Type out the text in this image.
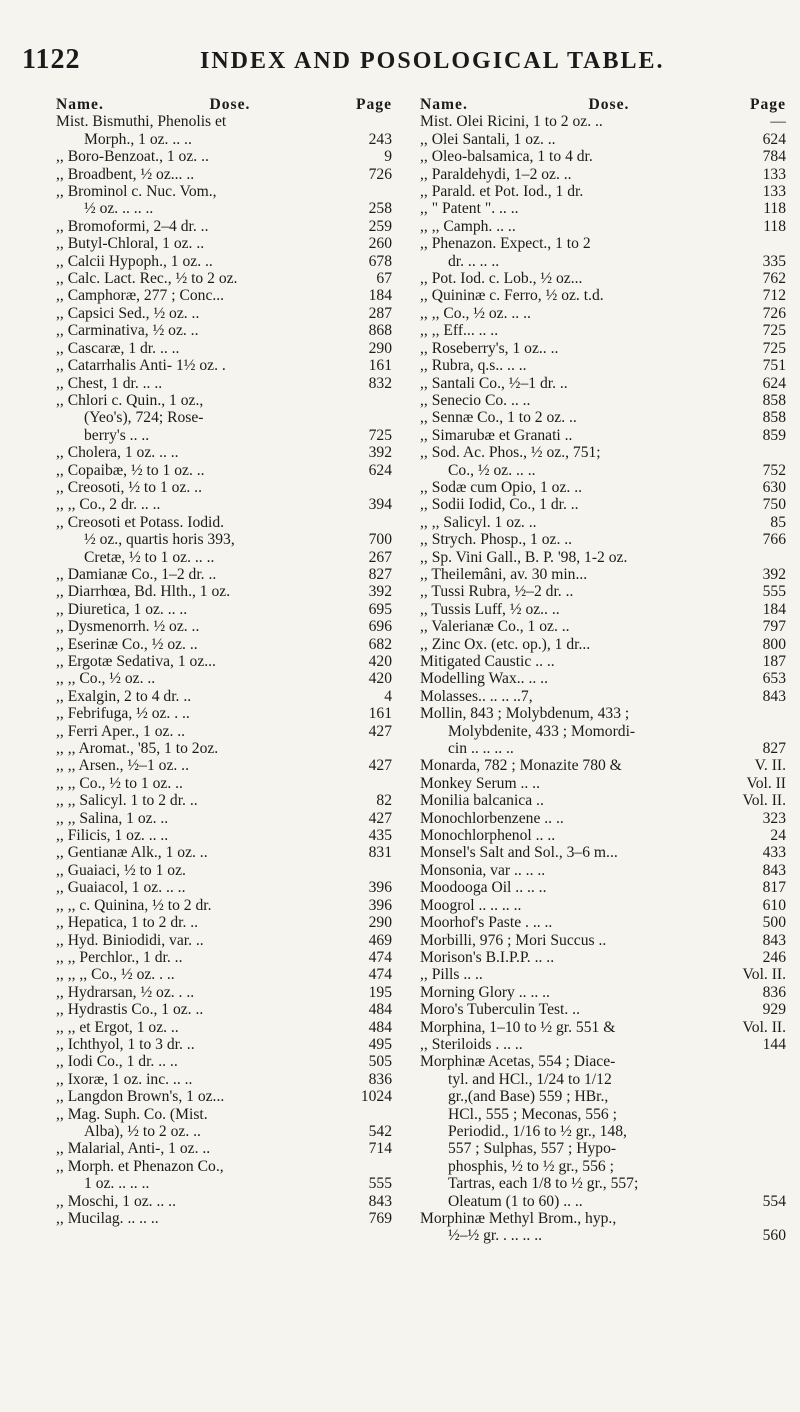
1122	INDEX AND POSOLOGICAL TABLE.
Name.	Dose.	Page
Mist. Bismuthi, Phenolis et
Morph., 1 oz. .. ..	243
,, Boro-Benzoat., 1 oz. ..	9
,, Broadbent, ½ oz... ..	726
,, Brominol c. Nuc. Vom.,
½ oz. .. .. ..	258
,, Bromoformi, 2–4 dr. ..	259
,, Butyl-Chloral, 1 oz. ..	260
,, Calcii Hypoph., 1 oz. ..	678
,, Calc. Lact. Rec., ½ to 2 oz.	67
,, Camphoræ, 277 ; Conc...	184
,, Capsici Sed., ½ oz. ..	287
,, Carminativa, ½ oz. ..	868
,, Cascaræ, 1 dr. .. ..	290
,, Catarrhalis Anti- 1½ oz. .	161
,, Chest, 1 dr. .. ..	832
,, Chlori c. Quin., 1 oz.,
(Yeo's), 724; Rose-
berry's .. ..	725
,, Cholera, 1 oz. .. ..	392
,, Copaibæ, ½ to 1 oz. ..	624
,, Creosoti, ½ to 1 oz. ..
,, ,, Co., 2 dr. .. ..	394
,, Creosoti et Potass. Iodid.
½ oz., quartis horis 393,	700
Cretæ, ½ to 1 oz. .. ..	267
,, Damianæ Co., 1–2 dr. ..	827
,, Diarrhœa, Bd. Hlth., 1 oz.	392
,, Diuretica, 1 oz. .. ..	695
,, Dysmenorrh. ½ oz. ..	696
,, Eserinæ Co., ½ oz. ..	682
,, Ergotæ Sedativa, 1 oz...	420
,, ,, Co., ½ oz. ..	420
,, Exalgin, 2 to 4 dr. ..	4
,, Febrifuga, ½ oz. . ..	161
,, Ferri Aper., 1 oz. ..	427
,, ,, Aromat., '85, 1 to 2oz.
,, ,, Arsen., ½–1 oz. ..	427
,, ,, Co., ½ to 1 oz. ..
,, ,, Salicyl. 1 to 2 dr. ..	82
,, ,, Salina, 1 oz. ..	427
,, Filicis, 1 oz. .. ..	435
,, Gentianæ Alk., 1 oz. ..	831
,, Guaiaci, ½ to 1 oz.
,, Guaiacol, 1 oz. .. ..	396
,, ,, c. Quinina, ½ to 2 dr.	396
,, Hepatica, 1 to 2 dr. ..	290
,, Hyd. Biniodidi, var. ..	469
,, ,, Perchlor., 1 dr. ..	474
,, ,, ,, Co., ½ oz. . ..	474
,, Hydrarsan, ½ oz. . ..	195
,, Hydrastis Co., 1 oz. ..	484
,, ,, et Ergot, 1 oz. ..	484
,, Ichthyol, 1 to 3 dr. ..	495
,, Iodi Co., 1 dr. .. ..	505
,, Ixoræ, 1 oz. inc. .. ..	836
,, Langdon Brown's, 1 oz...	1024
,, Mag. Suph. Co. (Mist.
Alba), ½ to 2 oz. ..	542
,, Malarial, Anti-, 1 oz. ..	714
,, Morph. et Phenazon Co.,
1 oz. .. .. ..	555
,, Moschi, 1 oz. .. ..	843
,, Mucilag. .. .. ..	769
Name.	Dose.	Page
Mist. Olei Ricini, 1 to 2 oz. ..	—
,, Olei Santali, 1 oz. ..	624
,, Oleo-balsamica, 1 to 4 dr.	784
,, Paraldehydi, 1–2 oz. ..	133
,, Parald. et Pot. Iod., 1 dr.	133
,, " Patent ". .. ..	118
,, ,, Camph. .. ..	118
,, Phenazon. Expect., 1 to 2
dr. .. .. ..	335
,, Pot. Iod. c. Lob., ½ oz...	762
,, Quininæ c. Ferro, ½ oz. t.d.	712
,, ,, Co., ½ oz. .. ..	726
,, ,, Eff... .. ..	725
,, Roseberry's, 1 oz.. ..	725
,, Rubra, q.s.. .. ..	751
,, Santali Co., ½–1 dr. ..	624
,, Senecio Co. .. ..	858
,, Sennæ Co., 1 to 2 oz. ..	858
,, Simarubæ et Granati ..	859
,, Sod. Ac. Phos., ½ oz., 751;
Co., ½ oz. .. ..	752
,, Sodæ cum Opio, 1 oz. ..	630
,, Sodii Iodid, Co., 1 dr. ..	750
,, ,, Salicyl. 1 oz. ..	85
,, Strych. Phosp., 1 oz. ..	766
,, Sp. Vini Gall., B. P. '98, 1-2 oz.
,, Theilemâni, av. 30 min...	392
,, Tussi Rubra, ½–2 dr. ..	555
,, Tussis Luff, ½ oz.. ..	184
,, Valerianæ Co., 1 oz. ..	797
,, Zinc Ox. (etc. op.), 1 dr...	800
Mitigated Caustic .. ..	187
Modelling Wax.. .. ..	653
Molasses.. .. .. ..7,	843
Mollin, 843 ; Molybdenum, 433 ;
Molybdenite, 433 ; Momordi-
cin .. .. .. ..	827
Monarda, 782 ; Monazite 780 &	V. II.
Monkey Serum .. ..	Vol. II
Monilia balcanica ..	Vol. II.
Monochlorbenzene .. ..	323
Monochlorphenol .. ..	24
Monsel's Salt and Sol., 3–6 m...	433
Monsonia, var .. .. ..	843
Moodooga Oil .. .. ..	817
Moogrol .. .. .. ..	610
Moorhof's Paste . .. ..	500
Morbilli, 976 ; Mori Succus ..	843
Morison's B.I.P.P. .. ..	246
,, Pills .. ..	Vol. II.
Morning Glory .. .. ..	836
Moro's Tuberculin Test. ..	929
Morphina, 1–10 to ½ gr. 551 &	Vol. II.
,, Steriloids . .. ..	144
Morphinæ Acetas, 554 ; Diace-
tyl. and HCl., 1/24 to 1/12
gr.,(and Base) 559 ; HBr.,
HCl., 555 ; Meconas, 556 ;
Periodid., 1/16 to ½ gr., 148,
557 ; Sulphas, 557 ; Hypo-
phosphis, ½ to ½ gr., 556 ;
Tartras, each 1/8 to ½ gr., 557;
Oleatum (1 to 60) .. ..	554
Morphinæ Methyl Brom., hyp.,
½–½ gr. . .. .. ..	560
